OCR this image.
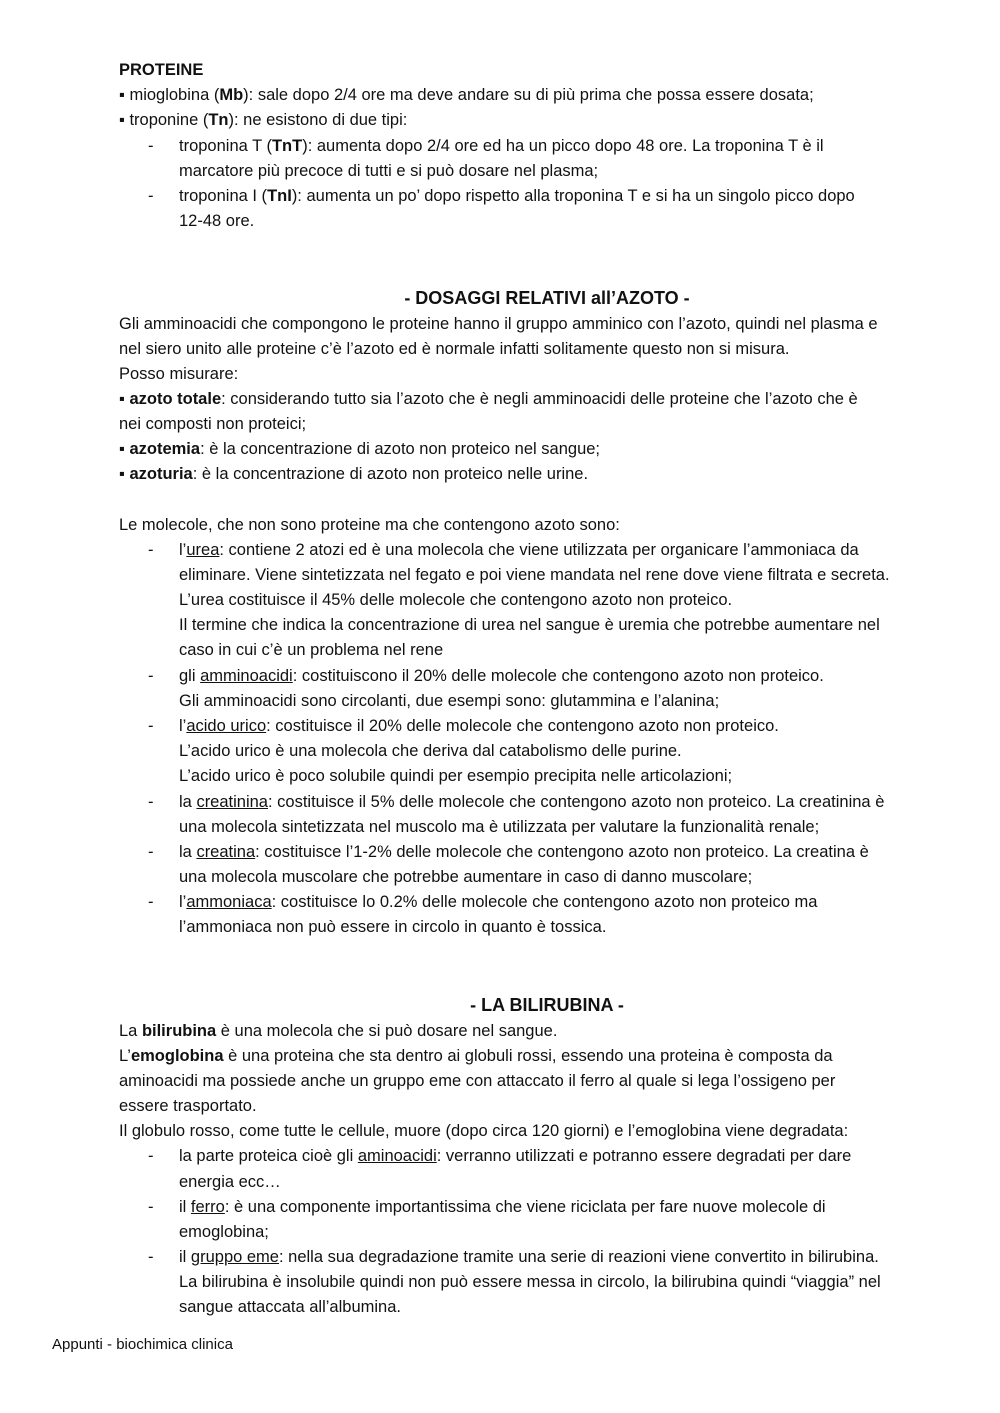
PROTEINE
▪ mioglobina (Mb): sale dopo 2/4 ore ma deve andare su di più prima che possa essere dosata;
▪ troponine (Tn): ne esistono di due tipi:
- troponina T (TnT): aumenta dopo 2/4 ore ed ha un picco dopo 48 ore. La troponina T è il
marcatore più precoce di tutti e si può dosare nel plasma;
- troponina I (TnI): aumenta un po’ dopo rispetto alla troponina T e si ha un singolo picco dopo
12-48 ore.
- DOSAGGI RELATIVI all’AZOTO -
Gli amminoacidi che compongono le proteine hanno il gruppo amminico con l’azoto, quindi nel plasma e
nel siero unito alle proteine c’è l’azoto ed è normale infatti solitamente questo non si misura.
Posso misurare:
▪ azoto totale: considerando tutto sia l’azoto che è negli amminoacidi delle proteine che l’azoto che è
nei composti non proteici;
▪ azotemia: è la concentrazione di azoto non proteico nel sangue;
▪ azoturia: è la concentrazione di azoto non proteico nelle urine.
Le molecole, che non sono proteine ma che contengono azoto sono:
- l’urea: contiene 2 atozi ed è una molecola che viene utilizzata per organicare l’ammoniaca da
eliminare. Viene sintetizzata nel fegato e poi viene mandata nel rene dove viene filtrata e secreta.
L’urea costituisce il 45% delle molecole che contengono azoto non proteico.
Il termine che indica la concentrazione di urea nel sangue è uremia che potrebbe aumentare nel
caso in cui c’è un problema nel rene
- gli amminoacidi: costituiscono il 20% delle molecole che contengono azoto non proteico.
Gli amminoacidi sono circolanti, due esempi sono: glutammina e l’alanina;
- l’acido urico: costituisce il 20% delle molecole che contengono azoto non proteico.
L’acido urico è una molecola che deriva dal catabolismo delle purine.
L’acido urico è poco solubile quindi per esempio precipita nelle articolazioni;
- la creatinina: costituisce il 5% delle molecole che contengono azoto non proteico. La creatinina è
una molecola sintetizzata nel muscolo ma è utilizzata per valutare la funzionalità renale;
- la creatina: costituisce l’1-2% delle molecole che contengono azoto non proteico. La creatina è
una molecola muscolare che potrebbe aumentare in caso di danno muscolare;
- l’ammoniaca: costituisce lo 0.2% delle molecole che contengono azoto non proteico ma
l’ammoniaca non può essere in circolo in quanto è tossica.
- LA BILIRUBINA -
La bilirubina è una molecola che si può dosare nel sangue.
L’emoglobina è una proteina che sta dentro ai globuli rossi, essendo una proteina è composta da
aminoacidi ma possiede anche un gruppo eme con attaccato il ferro al quale si lega l’ossigeno per
essere trasportato.
Il globulo rosso, come tutte le cellule, muore (dopo circa 120 giorni) e l’emoglobina viene degradata:
- la parte proteica cioè gli aminoacidi: verranno utilizzati e potranno essere degradati per dare
energia ecc…
- il ferro: è una componente importantissima che viene riciclata per fare nuove molecole di
emoglobina;
- il gruppo eme: nella sua degradazione tramite una serie di reazioni viene convertito in bilirubina.
La bilirubina è insolubile quindi non può essere messa in circolo, la bilirubina quindi “viaggia” nel
sangue attaccata all’albumina.
Appunti - biochimica clinica
